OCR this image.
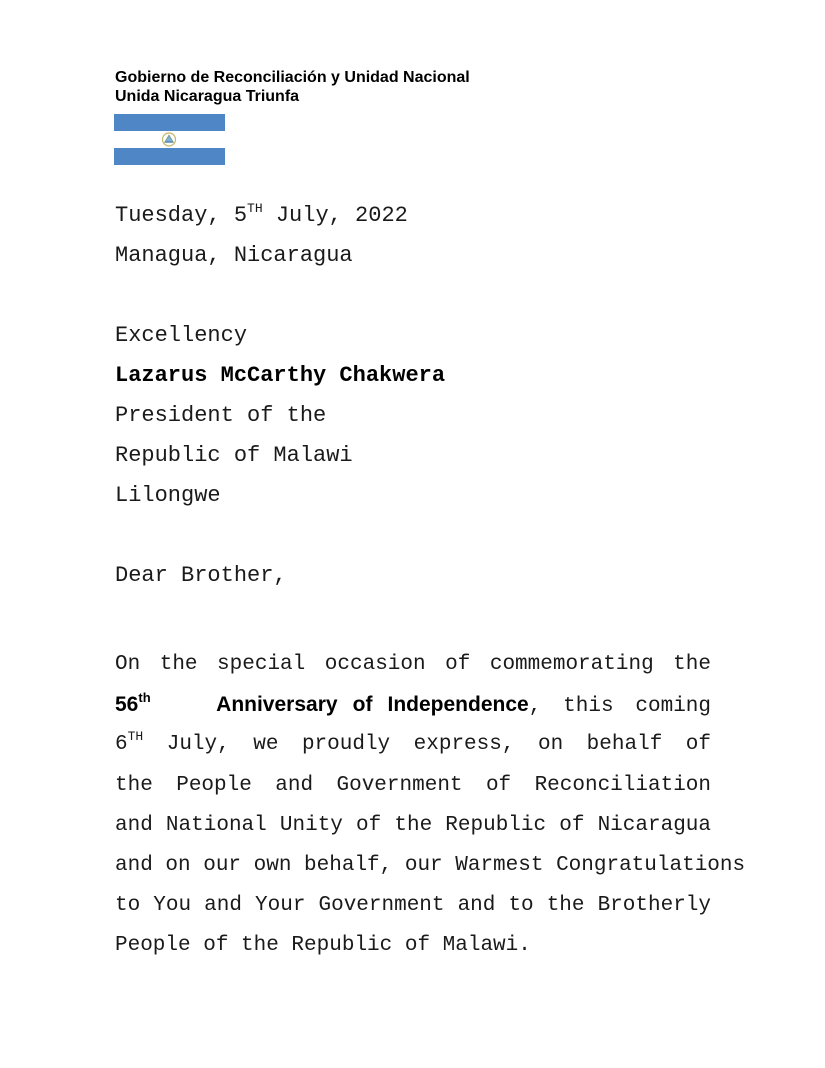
Gobierno de Reconciliación y Unidad Nacional
Unida Nicaragua Triunfa
Tuesday, 5TH July, 2022
Managua, Nicaragua
Excellency
Lazarus McCarthy Chakwera
President of the
Republic of Malawi
Lilongwe
Dear Brother,
On the special occasion of commemorating the
56th	Anniversary of Independence, this coming
6TH July, we proudly express, on behalf of
the People and Government of Reconciliation
and National Unity of the Republic of Nicaragua
and on our own behalf, our Warmest Congratulations
to You and Your Government and to the Brotherly
People of the Republic of Malawi.
